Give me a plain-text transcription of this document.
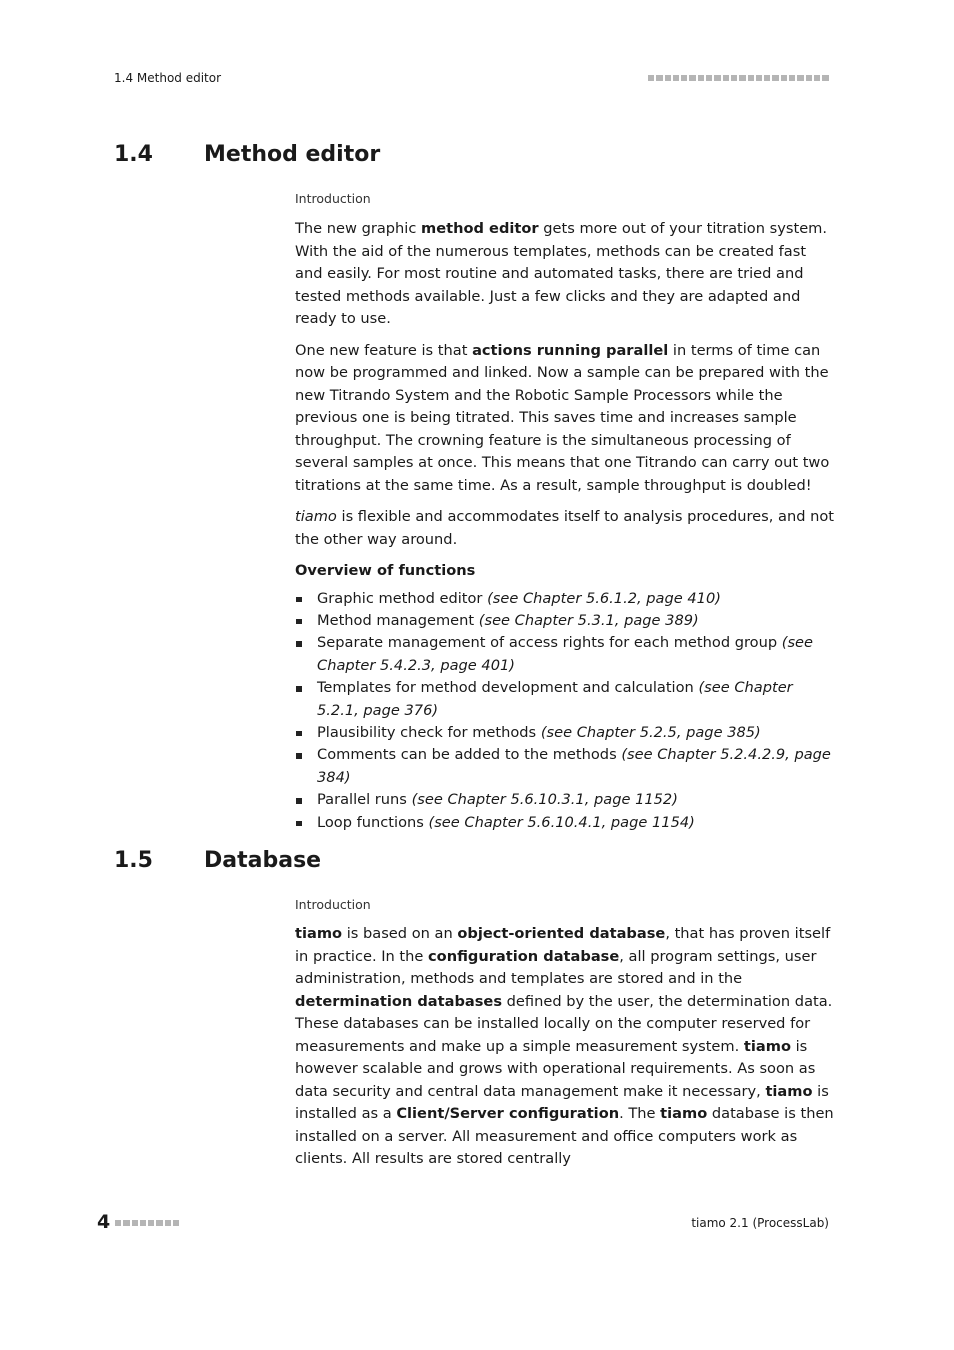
1.4 Method editor
1.4 Method editor
Introduction

The new graphic method editor gets more out of your titration system. With the aid of the numerous templates, methods can be created fast and easily. For most routine and automated tasks, there are tried and tested methods available. Just a few clicks and they are adapted and ready to use.

One new feature is that actions running parallel in terms of time can now be programmed and linked. Now a sample can be prepared with the new Titrando System and the Robotic Sample Processors while the previous one is being titrated. This saves time and increases sample throughput. The crowning feature is the simultaneous processing of several samples at once. This means that one Titrando can carry out two titrations at the same time. As a result, sample throughput is doubled!

tiamo is flexible and accommodates itself to analysis procedures, and not the other way around.

Overview of functions
Graphic method editor (see Chapter 5.6.1.2, page 410)
Method management (see Chapter 5.3.1, page 389)
Separate management of access rights for each method group (see Chapter 5.4.2.3, page 401)
Templates for method development and calculation (see Chapter 5.2.1, page 376)
Plausibility check for methods (see Chapter 5.2.5, page 385)
Comments can be added to the methods (see Chapter 5.2.4.2.9, page 384)
Parallel runs (see Chapter 5.6.10.3.1, page 1152)
Loop functions (see Chapter 5.6.10.4.1, page 1154)
1.5 Database
Introduction

tiamo is based on an object-oriented database, that has proven itself in practice. In the configuration database, all program settings, user administration, methods and templates are stored and in the determination databases defined by the user, the determination data. These databases can be installed locally on the computer reserved for measurements and make up a simple measurement system. tiamo is however scalable and grows with operational requirements. As soon as data security and central data management make it necessary, tiamo is installed as a Client/Server configuration. The tiamo database is then installed on a server. All measurement and office computers work as clients. All results are stored centrally

4	tiamo 2.1 (ProcessLab)
